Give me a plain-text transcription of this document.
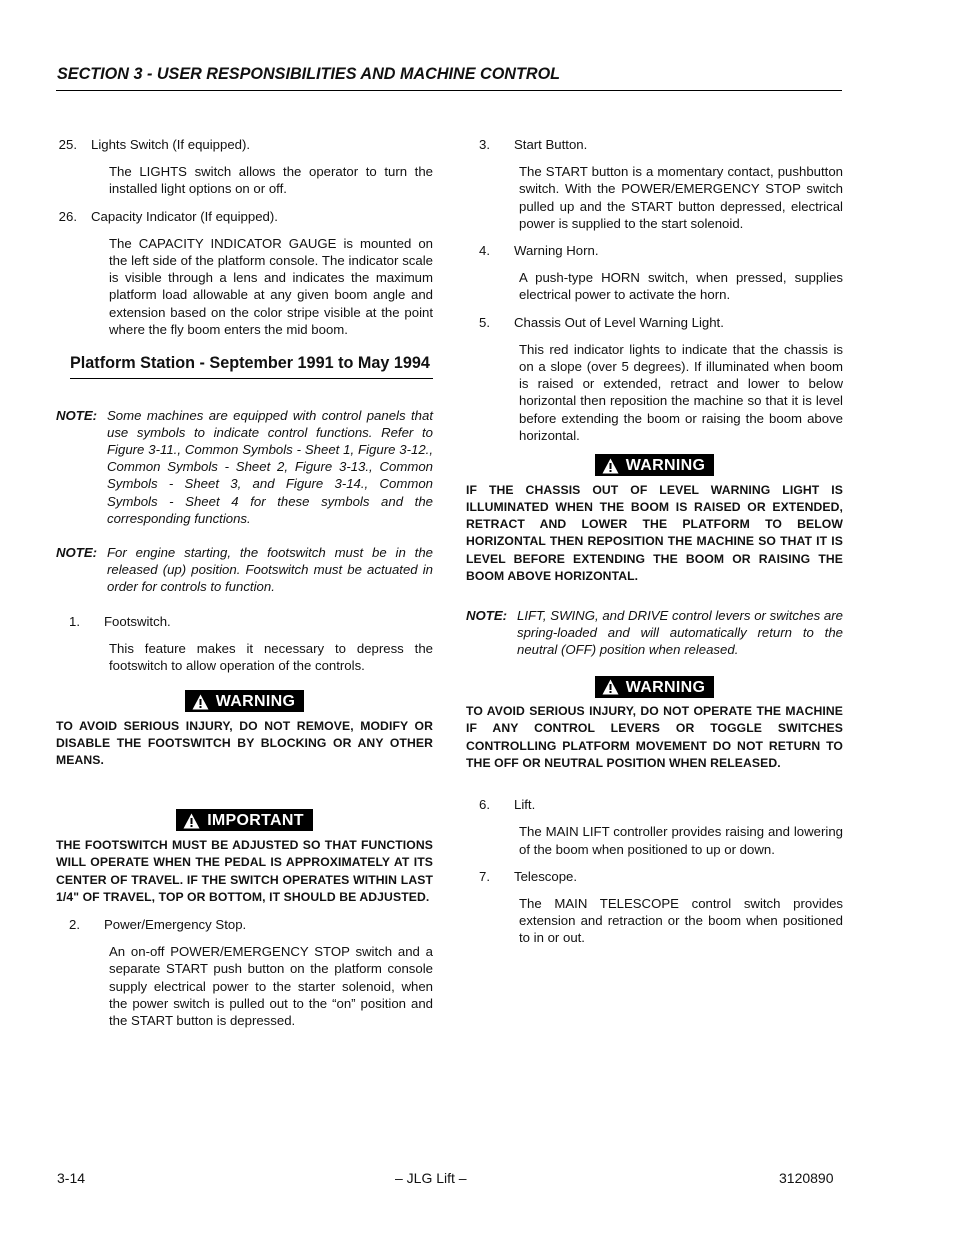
SECTION 3 - USER RESPONSIBILITIES AND MACHINE CONTROL
25.	Lights Switch (If equipped).
The LIGHTS switch allows the operator to turn the installed light options on or off.
26.	Capacity Indicator (If equipped).
The CAPACITY INDICATOR GAUGE is mounted on the left side of the platform console. The indicator scale is visible through a lens and indicates the maximum platform load allowable at any given boom angle and extension based on the color stripe visible at the point where the fly boom enters the mid boom.
Platform Station - September 1991 to May 1994
NOTE: Some machines are equipped with control panels that use symbols to indicate control functions. Refer to Figure 3-11., Common Symbols - Sheet 1, Figure 3-12., Common Symbols - Sheet 2, Figure 3-13., Common Symbols - Sheet 3, and Figure 3-14., Common Symbols - Sheet 4 for these symbols and the corresponding functions.
NOTE: For engine starting, the footswitch must be in the released (up) position. Footswitch must be actuated in order for controls to function.
1.	Footswitch.
This feature makes it necessary to depress the footswitch to allow operation of the controls.
WARNING
TO AVOID SERIOUS INJURY, DO NOT REMOVE, MODIFY OR DISABLE THE FOOTSWITCH BY BLOCKING OR ANY OTHER MEANS.
IMPORTANT
THE FOOTSWITCH MUST BE ADJUSTED SO THAT FUNCTIONS WILL OPERATE WHEN THE PEDAL IS APPROXIMATELY AT ITS CENTER OF TRAVEL. IF THE SWITCH OPERATES WITHIN LAST 1/4" OF TRAVEL, TOP OR BOTTOM, IT SHOULD BE ADJUSTED.
2.	Power/Emergency Stop.
An on-off POWER/EMERGENCY STOP switch and a separate START push button on the platform console supply electrical power to the starter solenoid, when the power switch is pulled out to the “on” position and the START button is depressed.
3.	Start Button.
The START button is a momentary contact, pushbutton switch. With the POWER/EMERGENCY STOP switch pulled up and the START button depressed, electrical power is supplied to the start solenoid.
4.	Warning Horn.
A push-type HORN switch, when pressed, supplies electrical power to activate the horn.
5.	Chassis Out of Level Warning Light.
This red indicator lights to indicate that the chassis is on a slope (over 5 degrees). If illuminated when boom is raised or extended, retract and lower to below horizontal then reposition the machine so that it is level before extending the boom or raising the boom above horizontal.
WARNING
IF THE CHASSIS OUT OF LEVEL WARNING LIGHT IS ILLUMINATED WHEN THE BOOM IS RAISED OR EXTENDED, RETRACT AND LOWER THE PLATFORM TO BELOW HORIZONTAL THEN REPOSITION THE MACHINE SO THAT IT IS LEVEL BEFORE EXTENDING THE BOOM OR RAISING THE BOOM ABOVE HORIZONTAL.
NOTE: LIFT, SWING, and DRIVE control levers or switches are spring-loaded and will automatically return to the neutral (OFF) position when released.
WARNING
TO AVOID SERIOUS INJURY, DO NOT OPERATE THE MACHINE IF ANY CONTROL LEVERS OR TOGGLE SWITCHES CONTROLLING PLATFORM MOVEMENT DO NOT RETURN TO THE OFF OR NEUTRAL POSITION WHEN RELEASED.
6.	Lift.
The MAIN LIFT controller provides raising and lowering of the boom when positioned to up or down.
7.	Telescope.
The MAIN TELESCOPE control switch provides extension and retraction or the boom when positioned to in or out.
3-14	– JLG Lift –	3120890
